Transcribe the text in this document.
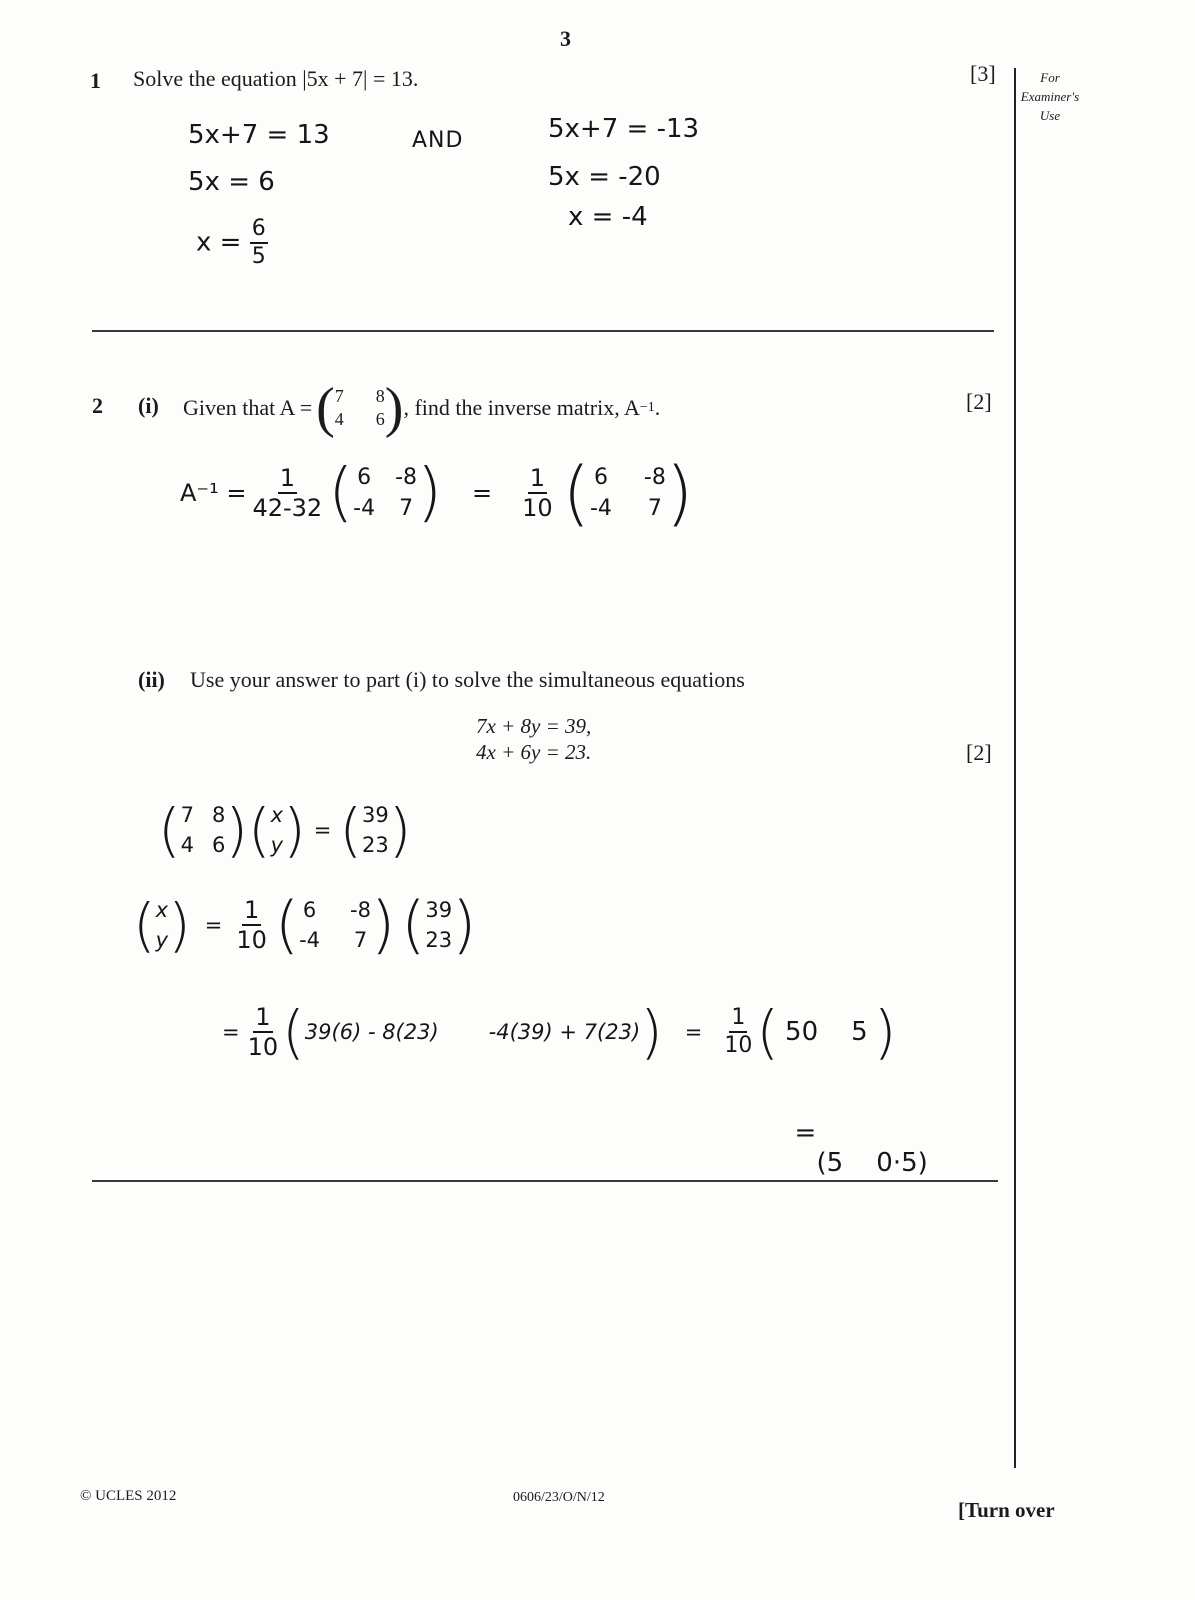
3
For
Examiner's
Use
1 Solve the equation |5x + 7| = 13.	[3]
5x+7 = 13
5x = 6
$x = \frac{6}{5}$
AND	5x+7 = -13
5x = -20
x = -4
2 (i) Given that A = ( 7 8
4 6 ) , find the inverse matrix, A −1 .	[2]
$A^{-1} = \frac{1}{42-32}$ ( 6 -8
-4 7 ) = $\frac{1}{10}$ ( 6 -8
-4 7 )
(ii) Use your answer to part (i) to solve the simultaneous equations
7x + 8y = 39,
4x + 6y = 23.	[2]
( 7 8
4 6 ) ( x
y ) = ( 39
23 )
( x
y ) = $\frac{1}{10}$ ( 6 -8
-4 7 ) ( 39
23 )
= $\frac{1}{10}$ ( 39(6) - 8(23) -4(39) + 7(23) ) = $\frac{1}{10}$ ( 50    5 )

=
(5    0·5)

© UCLES 2012	0606/23/O/N/12
[Turn over
